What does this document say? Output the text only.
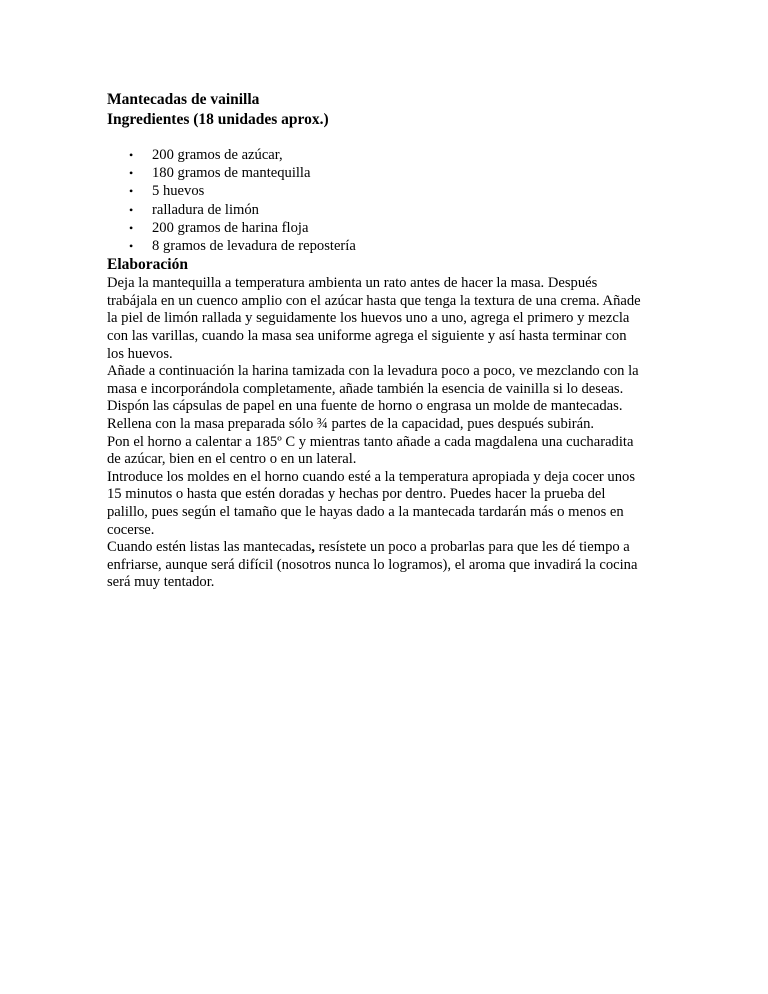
Mantecadas de vainilla
Ingredientes (18 unidades aprox.)
• 200 gramos de azúcar,
• 180 gramos de mantequilla
• 5 huevos
• ralladura de limón
• 200 gramos de harina floja
• 8 gramos de levadura de repostería
Elaboración

Deja la mantequilla a temperatura ambienta un rato antes de hacer la masa. Después
trabájala en un cuenco amplio con el azúcar hasta que tenga la textura de una crema. Añade
la piel de limón rallada y seguidamente los huevos uno a uno, agrega el primero y mezcla
con las varillas, cuando la masa sea uniforme agrega el siguiente y así hasta terminar con
los huevos.

Añade a continuación la harina tamizada con la levadura poco a poco, ve mezclando con la
masa e incorporándola completamente, añade también la esencia de vainilla si lo deseas.
Dispón las cápsulas de papel en una fuente de horno o engrasa un molde de mantecadas.
Rellena con la masa preparada sólo ¾ partes de la capacidad, pues después subirán.

Pon el horno a calentar a 185º C y mientras tanto añade a cada magdalena una cucharadita
de azúcar, bien en el centro o en un lateral.

Introduce los moldes en el horno cuando esté a la temperatura apropiada y deja cocer unos
15 minutos o hasta que estén doradas y hechas por dentro. Puedes hacer la prueba del
palillo, pues según el tamaño que le hayas dado a la mantecada tardarán más o menos en
cocerse.

Cuando estén listas las mantecadas, resístete un poco a probarlas para que les dé tiempo a
enfriarse, aunque será difícil (nosotros nunca lo logramos), el aroma que invadirá la cocina
será muy tentador.
